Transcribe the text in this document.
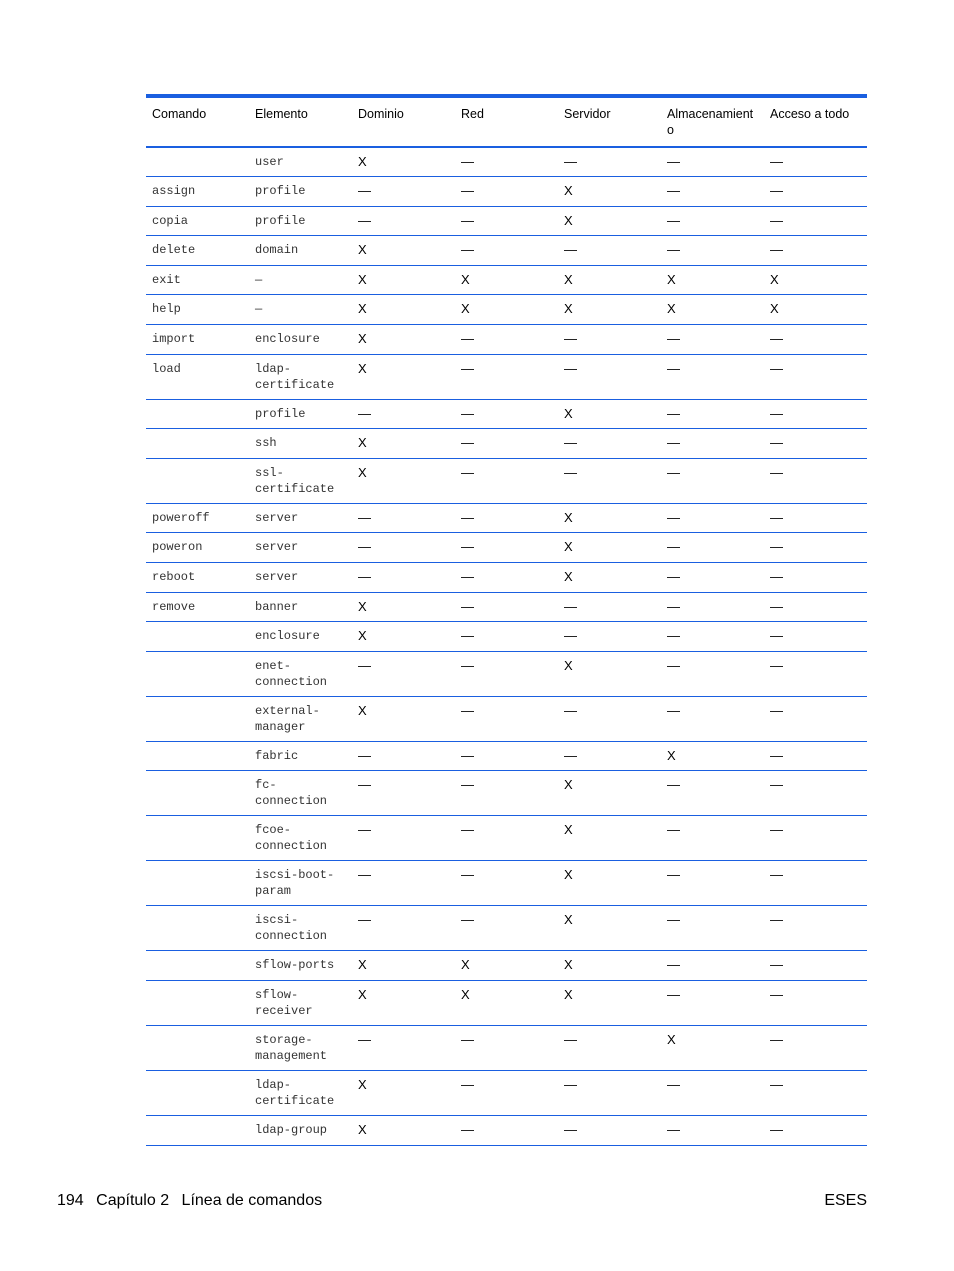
Comando	Elemento	Dominio	Red	Servidor	Almacenamient o	Acceso a todo
	user	X	—	—	—	—
assign	profile	—	—	X	—	—
copia	profile	—	—	X	—	—
delete	domain	X	—	—	—	—
exit	—	X	X	X	X	X
help	—	X	X	X	X	X
import	enclosure	X	—	—	—	—
load	ldap-certificate	X	—	—	—	—
	profile	—	—	X	—	—
	ssh	X	—	—	—	—
	ssl-certificate	X	—	—	—	—
poweroff	server	—	—	X	—	—
poweron	server	—	—	X	—	—
reboot	server	—	—	X	—	—
remove	banner	X	—	—	—	—
	enclosure	X	—	—	—	—
	enet-connection	—	—	X	—	—
	external-manager	X	—	—	—	—
	fabric	—	—	—	X	—
	fc-connection	—	—	X	—	—
	fcoe-connection	—	—	X	—	—
	iscsi-boot-param	—	—	X	—	—
	iscsi-connection	—	—	X	—	—
	sflow-ports	X	X	X	—	—
	sflow-receiver	X	X	X	—	—
	storage-management	—	—	—	X	—
	ldap-certificate	X	—	—	—	—
	ldap-group	X	—	—	—	—
194 Capítulo 2 Línea de comandos	ESES
